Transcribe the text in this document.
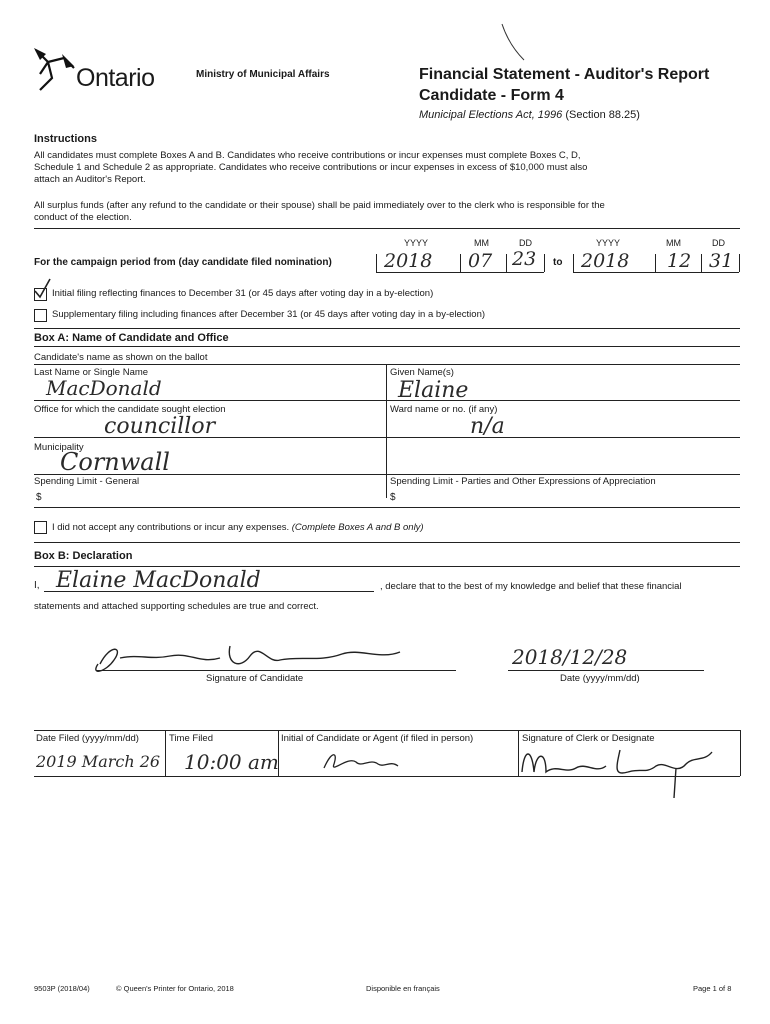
Ontario	Ministry of Municipal Affairs	Financial Statement - Auditor's Report
Candidate - Form 4
Municipal Elections Act, 1996 (Section 88.25)
Instructions
All candidates must complete Boxes A and B. Candidates who receive contributions or incur expenses must complete Boxes C, D,
Schedule 1 and Schedule 2 as appropriate. Candidates who receive contributions or incur expenses in excess of $10,000 must also
attach an Auditor's Report.
All surplus funds (after any refund to the candidate or their spouse) shall be paid immediately over to the clerk who is responsible for the
conduct of the election.
YYYY	MM	DD	YYYY	MM	DD
For the campaign period from (day candidate filed nomination)	2018 07 23 to 2018 12 31
Initial filing reflecting finances to December 31 (or 45 days after voting day in a by-election)
Supplementary filing including finances after December 31 (or 45 days after voting day in a by-election)
Box A: Name of Candidate and Office
Candidate's name as shown on the ballot
Last Name or Single Name
MacDonald
Given Name(s)
Elaine
Office for which the candidate sought election
councillor
Ward name or no. (if any)
n/a
Municipality
Cornwall
Spending Limit - General
$
Spending Limit - Parties and Other Expressions of Appreciation
$
I did not accept any contributions or incur any expenses. (Complete Boxes A and B only)
Box B: Declaration
I, Elaine MacDonald	, declare that to the best of my knowledge and belief that these financial
statements and attached supporting schedules are true and correct.
Signature of Candidate
2018/12/28
Date (yyyy/mm/dd)
Date Filed (yyyy/mm/dd)
2019 March 26
Time Filed
10:00 am
Initial of Candidate or Agent (if filed in person)	Signature of Clerk or Designate
9503P (2018/04)	© Queen's Printer for Ontario, 2018	Disponible en français	Page 1 of 8
